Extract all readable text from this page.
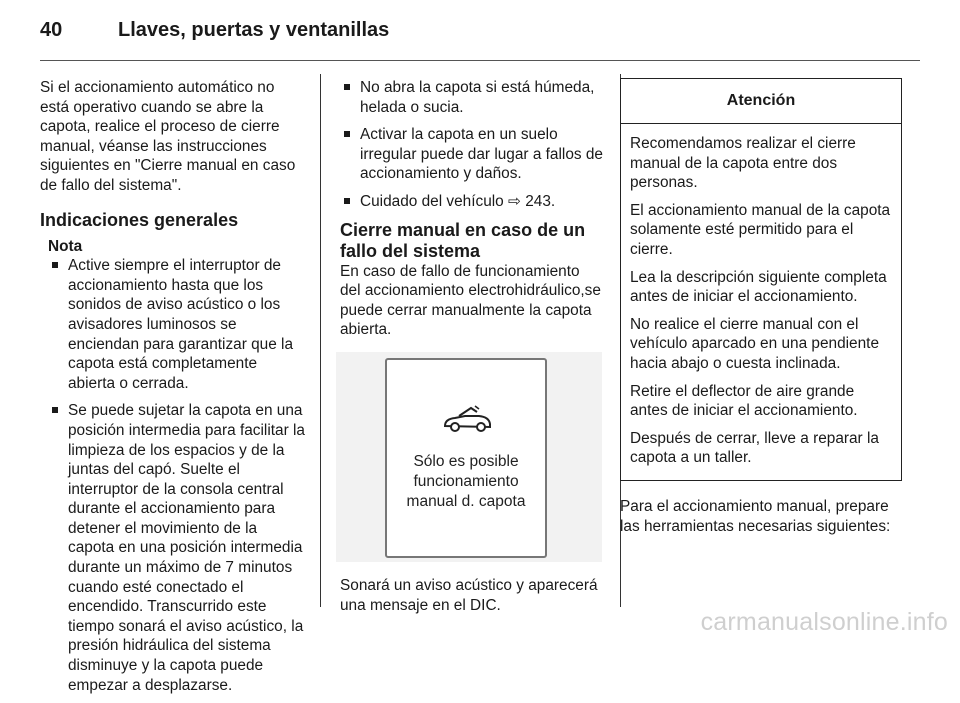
40	Llaves, puertas y ventanillas

Si el accionamiento automático no está operativo cuando se abre la capota, realice el proceso de cierre manual, véanse las instrucciones siguientes en "Cierre manual en caso de fallo del sistema".

Indicaciones generales
Nota
Active siempre el interruptor de accionamiento hasta que los sonidos de aviso acústico o los avisadores luminosos se enciendan para garantizar que la capota está completamente abierta o cerrada.
Se puede sujetar la capota en una posición intermedia para facilitar la limpieza de los espacios y de la juntas del capó. Suelte el interruptor de la consola central durante el accionamiento para detener el movimiento de la capota en una posición intermedia durante un máximo de 7 minutos cuando esté conectado el encendido. Transcurrido este tiempo sonará el aviso acústico, la presión hidráulica del sistema disminuye y la capota puede empezar a desplazarse.
No abra la capota si está húmeda, helada o sucia.
Activar la capota en un suelo irregular puede dar lugar a fallos de accionamiento y daños.
Cuidado del vehículo ⇨ 243.
Cierre manual en caso de un fallo del sistema

En caso de fallo de funcionamiento del accionamiento electrohidráulico,se puede cerrar manualmente la capota abierta.

Sólo es posible
funcionamiento
manual d. capota

Sonará un aviso acústico y aparecerá una mensaje en el DIC.

Atención

Recomendamos realizar el cierre manual de la capota entre dos personas.

El accionamiento manual de la capota solamente esté permitido para el cierre.

Lea la descripción siguiente completa antes de iniciar el accionamiento.

No realice el cierre manual con el vehículo aparcado en una pendiente hacia abajo o cuesta inclinada.

Retire el deflector de aire grande antes de iniciar el accionamiento.

Después de cerrar, lleve a reparar la capota a un taller.

Para el accionamiento manual, prepare las herramientas necesarias siguientes:

carmanualsonline.info
